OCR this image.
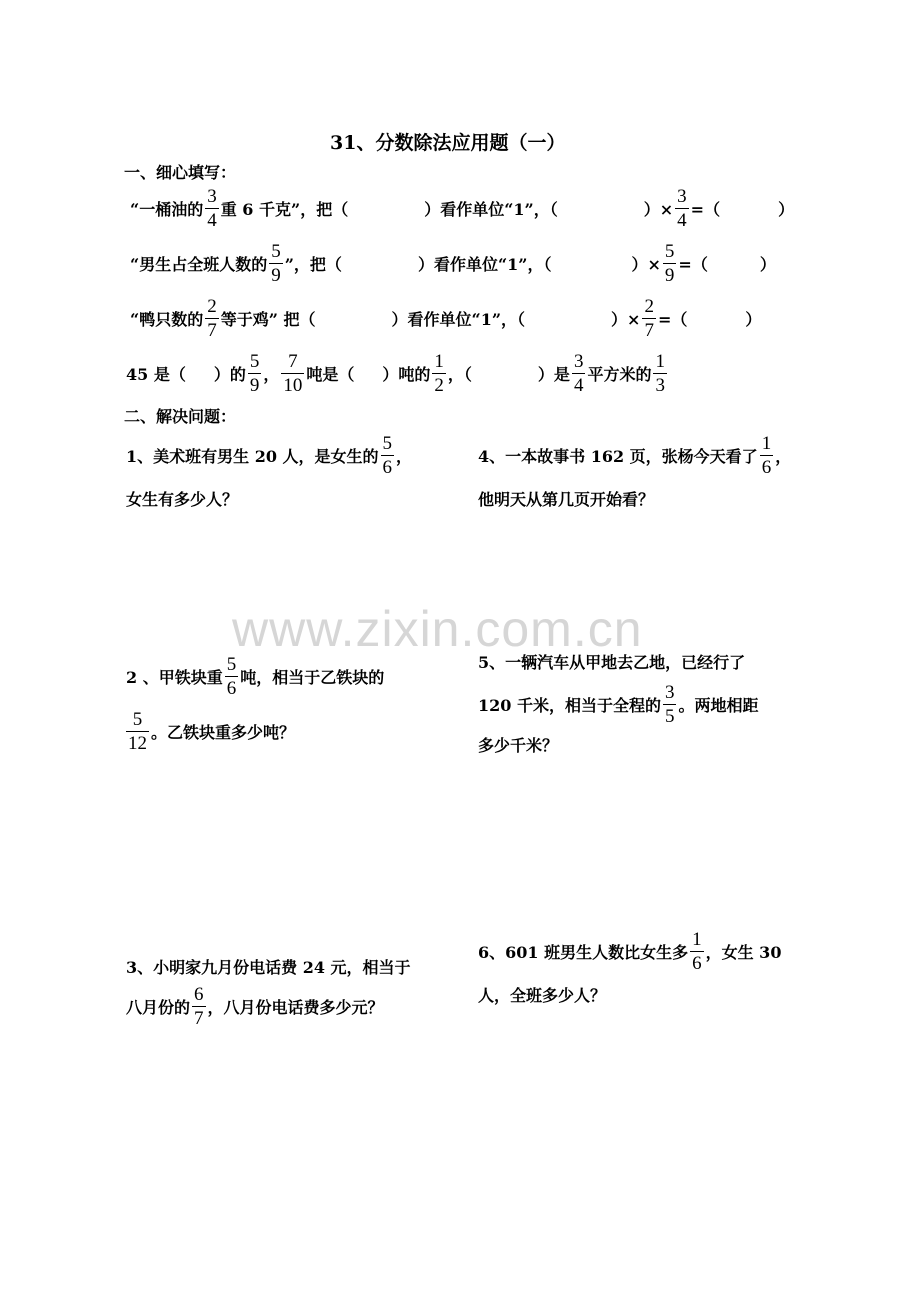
31、分数除法应用题（一）
一、细心填写：
“一桶油的 $\frac{3}{4}$ 重 6 千克”，把（	）看作单位“1”，（	）× $\frac{3}{4}$ =（	）
“男生占全班人数的 $\frac{5}{9}$ ”，把（	）看作单位“1”，（	）× $\frac{5}{9}$ =（	）
“鸭只数的 $\frac{2}{7}$ 等于鸡” 把（	）看作单位“1”，（	）× $\frac{2}{7}$ =（	）
45 是（ ）的 $\frac{5}{9}$ ， $\frac{7}{10}$ 吨是（ ）吨的 $\frac{1}{2}$ ，（	）是 $\frac{3}{4}$ 平方米的 $\frac{1}{3}$
二、解决问题：
1、美术班有男生 20 人，是女生的 $\frac{5}{6}$ ，
女生有多少人？
4、一本故事书 162 页，张杨今天看了 $\frac{1}{6}$ ，
他明天从第几页开始看？
www.zixin.com.cn
2 、甲铁块重 $\frac{5}{6}$ 吨，相当于乙铁块的
$\frac{5}{12}$ 。乙铁块重多少吨？
5、一辆汽车从甲地去乙地，已经行了
120 千米，相当于全程的 $\frac{3}{5}$ 。两地相距
多少千米？
3、小明家九月份电话费 24 元，相当于
八月份的 $\frac{6}{7}$ ，八月份电话费多少元？
6、601 班男生人数比女生多 $\frac{1}{6}$ ，女生 30
人，全班多少人？
